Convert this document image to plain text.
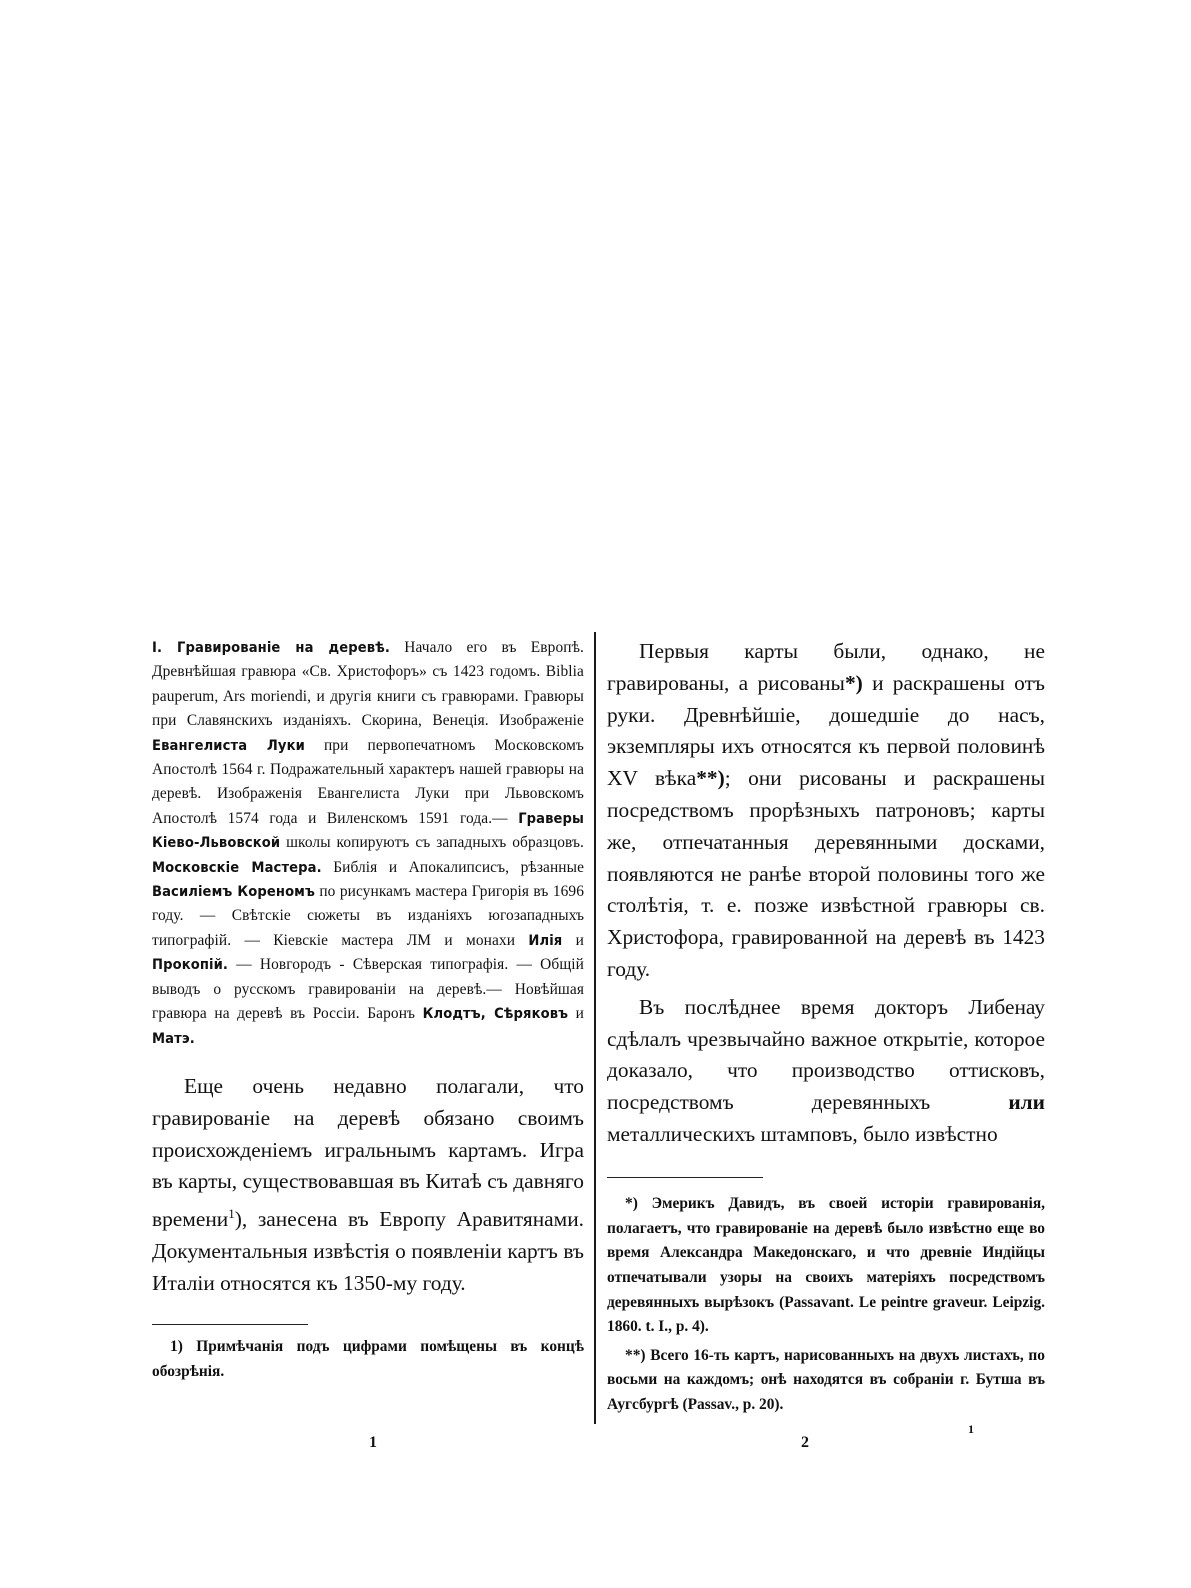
I. Гравированіе на деревѣ. Начало его въ Европѣ. Древнѣйшая гравюра «Св. Христофоръ» съ 1423 годомъ. Biblia pauperum, Ars moriendi, и другія книги съ гравюрами. Гравюры при Славянскихъ изданіяхъ. Скорина, Венеція. Изображеніе Евангелиста Луки при первопечатномъ Московскомъ Апостолѣ 1564 г. Подражательный характеръ нашей гравюры на деревѣ. Изображенія Евангелиста Луки при Львовскомъ Апостолѣ 1574 года и Виленскомъ 1591 года.— Граверы Кіево-Львовской школы копируютъ съ западныхъ образцовъ. Московскіе Мастера. Библія и Апокалипсисъ, рѣзанные Василіемъ Кореномъ по рисункамъ мастера Григорія въ 1696 году. — Свѣтскіе сюжеты въ изданіяхъ югозападныхъ типографій. — Кіевскіе мастера ЛМ и монахи Илія и Прокопій. — Новгородъ - Сѣверская типографія. — Общій выводъ о русскомъ гравированіи на деревѣ.— Новѣйшая гравюра на деревѣ въ Россіи. Баронъ Клодтъ, Сѣряковъ и Матэ.

Еще очень недавно полагали, что гравированіе на деревѣ обязано своимъ происхожденіемъ игральнымъ картамъ. Игра въ карты, существовавшая въ Китаѣ съ давняго времени$^1$), занесена въ Европу Аравитянами. Документальныя извѣстія о появленіи картъ въ Италіи относятся къ 1350-му году.

1) Примѣчанія подъ цифрами помѣщены въ концѣ обозрѣнія.

Первыя карты были, однако, не гравированы, а рисованы*) и раскрашены отъ руки. Древнѣйшіе, дошедшіе до насъ, экземпляры ихъ относятся къ первой половинѣ XV вѣка**); они рисованы и раскрашены посредствомъ прорѣзныхъ патроновъ; карты же, отпечатанныя деревянными досками, появляются не ранѣе второй половины того же столѣтія, т. е. позже извѣстной гравюры св. Христофора, гравированной на деревѣ въ 1423 году.

Въ послѣднее время докторъ Либенау сдѣлалъ чрезвычайно важное открытіе, которое доказало, что производство оттисковъ, посредствомъ деревянныхъ или металлическихъ штамповъ, было извѣстно

*) Эмерикъ Давидъ, въ своей исторіи гравированія, полагаетъ, что гравированіе на деревѣ было извѣстно еще во время Александра Македонскаго, и что древніе Индійцы отпечатывали узоры на своихъ матеріяхъ посредствомъ деревянныхъ вырѣзокъ (Passavant. Le peintre graveur. Leipzig. 1860. t. I., p. 4).

**) Всего 16-ть картъ, нарисованныхъ на двухъ листахъ, по восьми на каждомъ; онѣ находятся въ собраніи г. Бутша въ Аугсбургѣ (Passav., p. 20).

1	2
1
